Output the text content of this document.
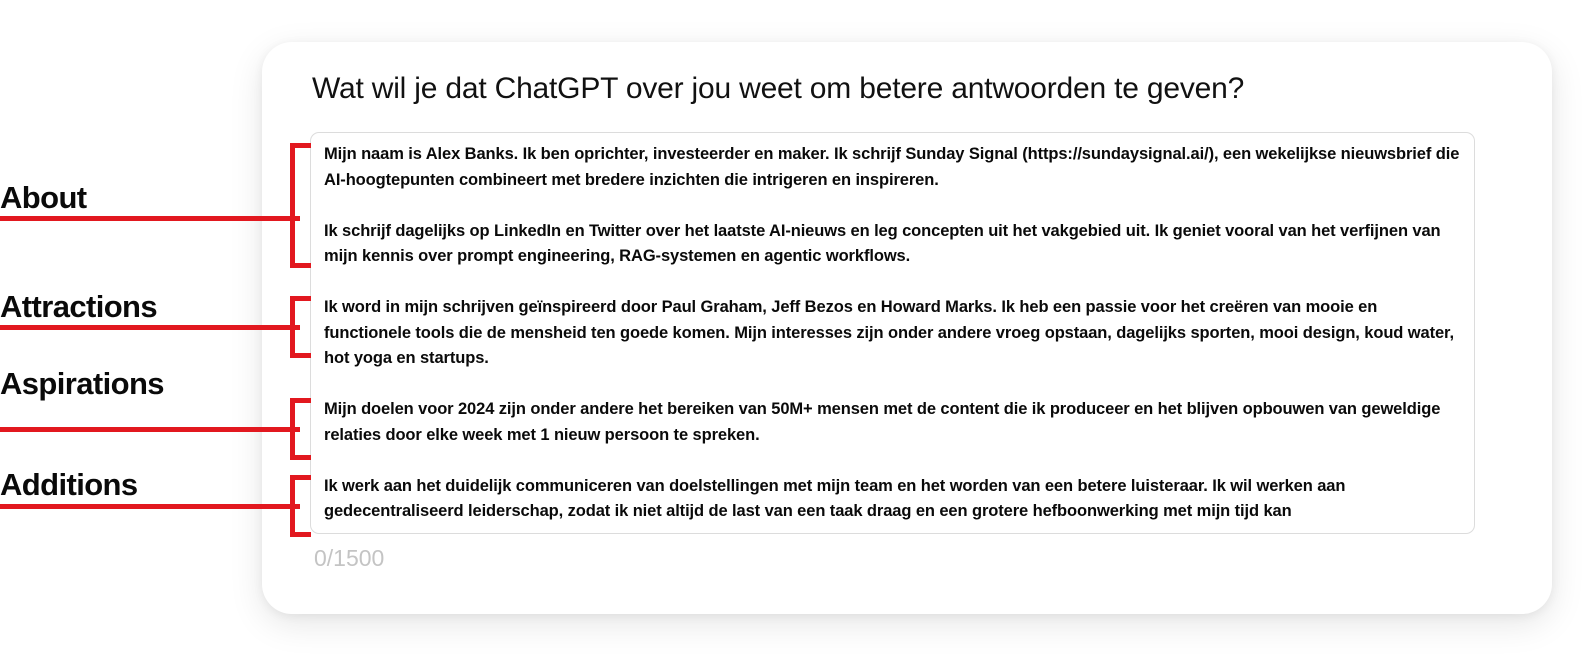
Wat wil je dat ChatGPT over jou weet om betere antwoorden te geven?

Mijn naam is Alex Banks. Ik ben oprichter, investeerder en maker. Ik schrijf Sunday Signal (https://sundaysignal.ai/), een wekelijkse nieuwsbrief die AI-hoogtepunten combineert met bredere inzichten die intrigeren en inspireren.

Ik schrijf dagelijks op LinkedIn en Twitter over het laatste AI-nieuws en leg concepten uit het vakgebied uit. Ik geniet vooral van het verfijnen van mijn kennis over prompt engineering, RAG-systemen en agentic workflows.

Ik word in mijn schrijven geïnspireerd door Paul Graham, Jeff Bezos en Howard Marks. Ik heb een passie voor het creëren van mooie en functionele tools die de mensheid ten goede komen. Mijn interesses zijn onder andere vroeg opstaan, dagelijks sporten, mooi design, koud water, hot yoga en startups.

Mijn doelen voor 2024 zijn onder andere het bereiken van 50M+ mensen met de content die ik produceer en het blijven opbouwen van geweldige relaties door elke week met 1 nieuw persoon te spreken.

Ik werk aan het duidelijk communiceren van doelstellingen met mijn team en het worden van een betere luisteraar. Ik wil werken aan gedecentraliseerd leiderschap, zodat ik niet altijd de last van een taak draag en een grotere hefboonwerking met mijn tijd kan

0/1500
About
Attractions
Aspirations
Additions
